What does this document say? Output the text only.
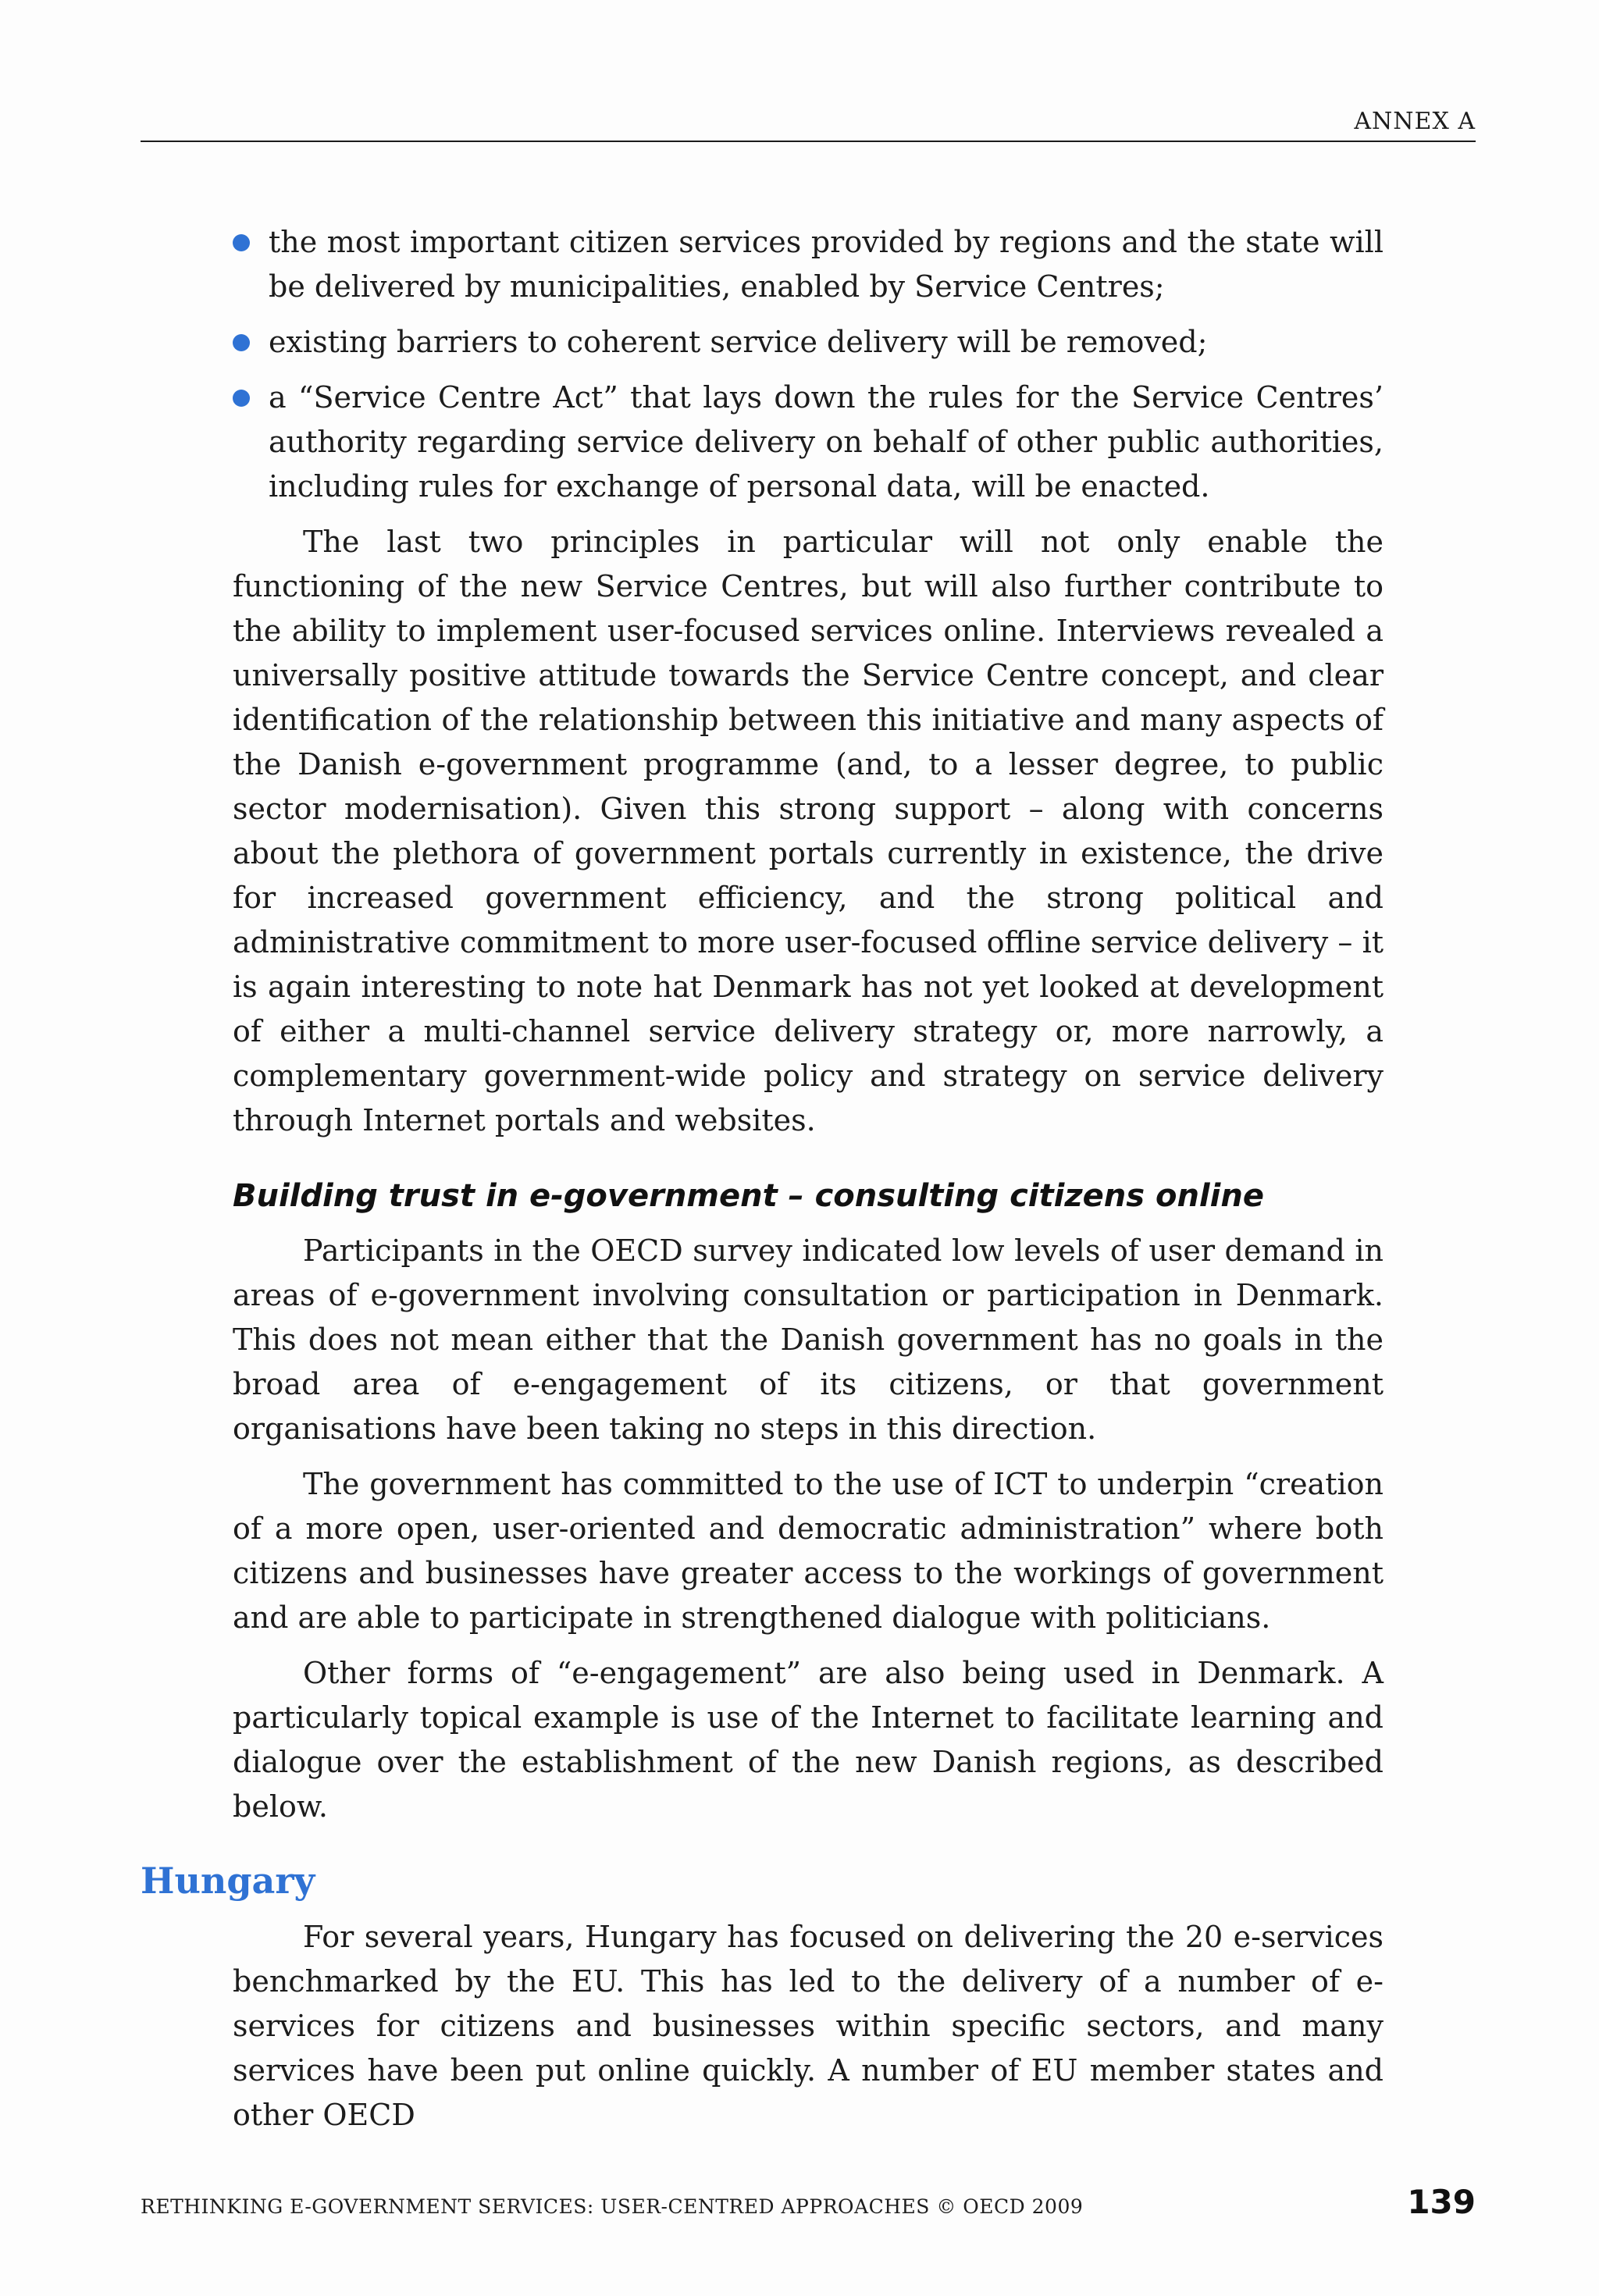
ANNEX A
the most important citizen services provided by regions and the state will be delivered by municipalities, enabled by Service Centres;
existing barriers to coherent service delivery will be removed;
a “Service Centre Act” that lays down the rules for the Service Centres’ authority regarding service delivery on behalf of other public authorities, including rules for exchange of personal data, will be enacted.

The last two principles in particular will not only enable the functioning of the new Service Centres, but will also further contribute to the ability to implement user-focused services online. Interviews revealed a universally positive attitude towards the Service Centre concept, and clear identification of the relationship between this initiative and many aspects of the Danish e-government programme (and, to a lesser degree, to public sector modernisation). Given this strong support – along with concerns about the plethora of government portals currently in existence, the drive for increased government efficiency, and the strong political and administrative commitment to more user-focused offline service delivery – it is again interesting to note hat Denmark has not yet looked at development of either a multi-channel service delivery strategy or, more narrowly, a complementary government-wide policy and strategy on service delivery through Internet portals and websites.

Building trust in e-government – consulting citizens online

Participants in the OECD survey indicated low levels of user demand in areas of e-government involving consultation or participation in Denmark. This does not mean either that the Danish government has no goals in the broad area of e-engagement of its citizens, or that government organisations have been taking no steps in this direction.

The government has committed to the use of ICT to underpin “creation of a more open, user-oriented and democratic administration” where both citizens and businesses have greater access to the workings of government and are able to participate in strengthened dialogue with politicians.

Other forms of “e-engagement” are also being used in Denmark. A particularly topical example is use of the Internet to facilitate learning and dialogue over the establishment of the new Danish regions, as described below.

Hungary

For several years, Hungary has focused on delivering the 20 e-services benchmarked by the EU. This has led to the delivery of a number of e-services for citizens and businesses within specific sectors, and many services have been put online quickly. A number of EU member states and other OECD

RETHINKING E-GOVERNMENT SERVICES: USER-CENTRED APPROACHES © OECD 2009	139
